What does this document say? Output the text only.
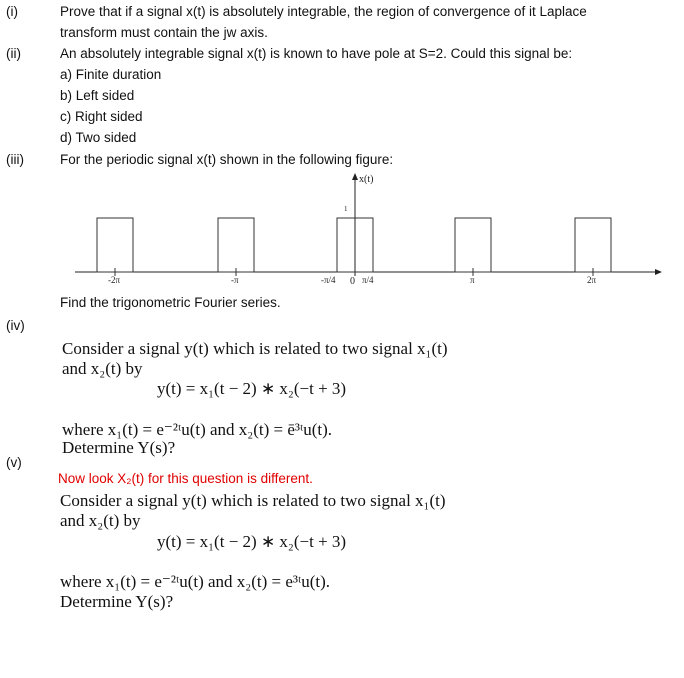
(i)	Prove that if a signal x(t) is absolutely integrable, the region of convergence of it Laplace
transform must contain the jw axis.
(ii)	An absolutely integrable signal x(t) is known to have pole at S=2. Could this signal be:
a) Finite duration
b) Left sided
c) Right sided
d) Two sided
(iii)	For the periodic signal x(t) shown in the following figure:
x(t)
1
-2π	-π	-π/4 0 π/4	π	2π
Find the trigonometric Fourier series.
(iv)
Consider a signal y(t) which is related to two signal x₁(t)
and x₂(t) by
y(t) = x₁(t − 2) ∗ x₂(−t + 3)
where x₁(t) = e⁻²ᵗu(t) and x₂(t) = ē³ᵗu(t).
Determine Y(s)?
(v)
Now look X₂(t) for this question is different.
Consider a signal y(t) which is related to two signal x₁(t)
and x₂(t) by
y(t) = x₁(t − 2) ∗ x₂(−t + 3)
where x₁(t) = e⁻²ᵗu(t) and x₂(t) = e³ᵗu(t).
Determine Y(s)?
